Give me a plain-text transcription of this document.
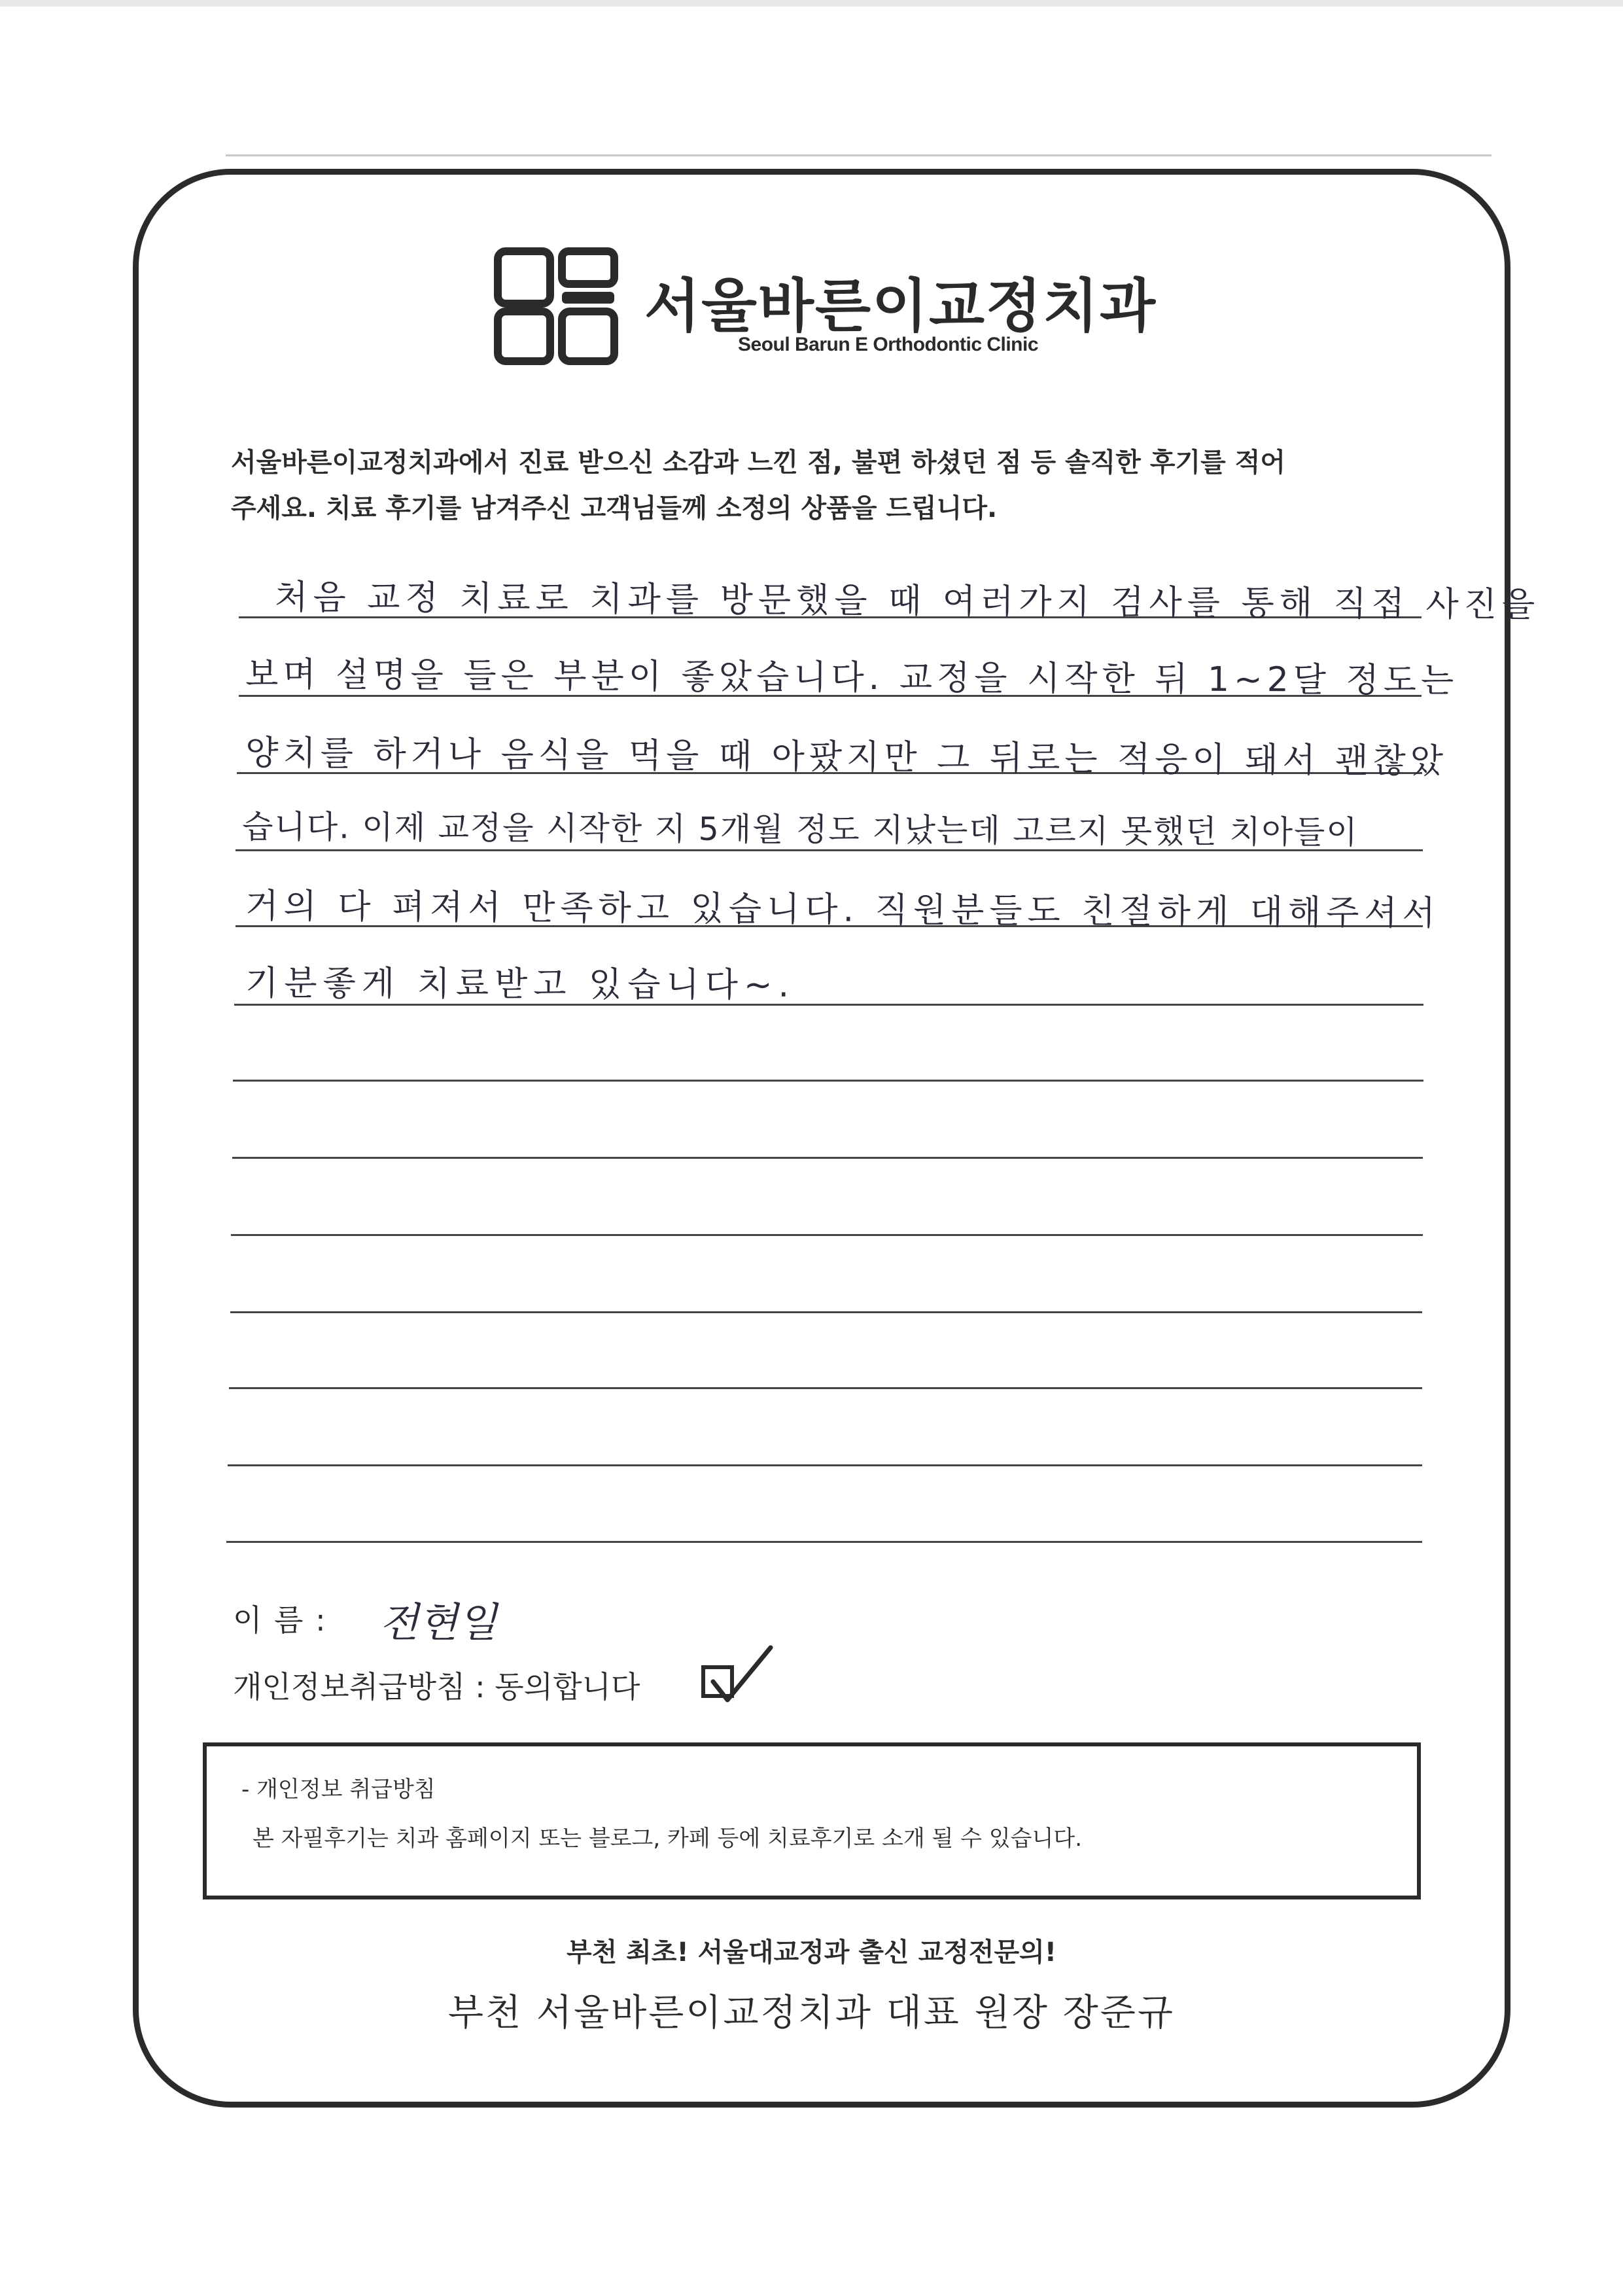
서울바른이교정치과
Seoul Barun E Orthodontic Clinic
서울바른이교정치과에서 진료 받으신 소감과 느낀 점, 불편 하셨던 점 등 솔직한 후기를 적어
주세요. 치료 후기를 남겨주신 고객님들께 소정의 상품을 드립니다.
처음 교정 치료로 치과를 방문했을 때 여러가지 검사를 통해 직접 사진을
보며 설명을 들은 부분이 좋았습니다. 교정을 시작한 뒤 1~2달 정도는
양치를 하거나 음식을 먹을 때 아팠지만 그 뒤로는 적응이 돼서 괜찮았
습니다. 이제 교정을 시작한 지 5개월 정도 지났는데 고르지 못했던 치아들이
거의 다 펴져서 만족하고 있습니다. 직원분들도 친절하게 대해주셔서
기분좋게 치료받고 있습니다~.
이 름 : 전현일
개인정보취급방침 : 동의합니다
- 개인정보 취급방침
본 자필후기는 치과 홈페이지 또는 블로그, 카페 등에 치료후기로 소개 될 수 있습니다.
부천 최초! 서울대교정과 출신 교정전문의!
부천 서울바른이교정치과 대표 원장 장준규
